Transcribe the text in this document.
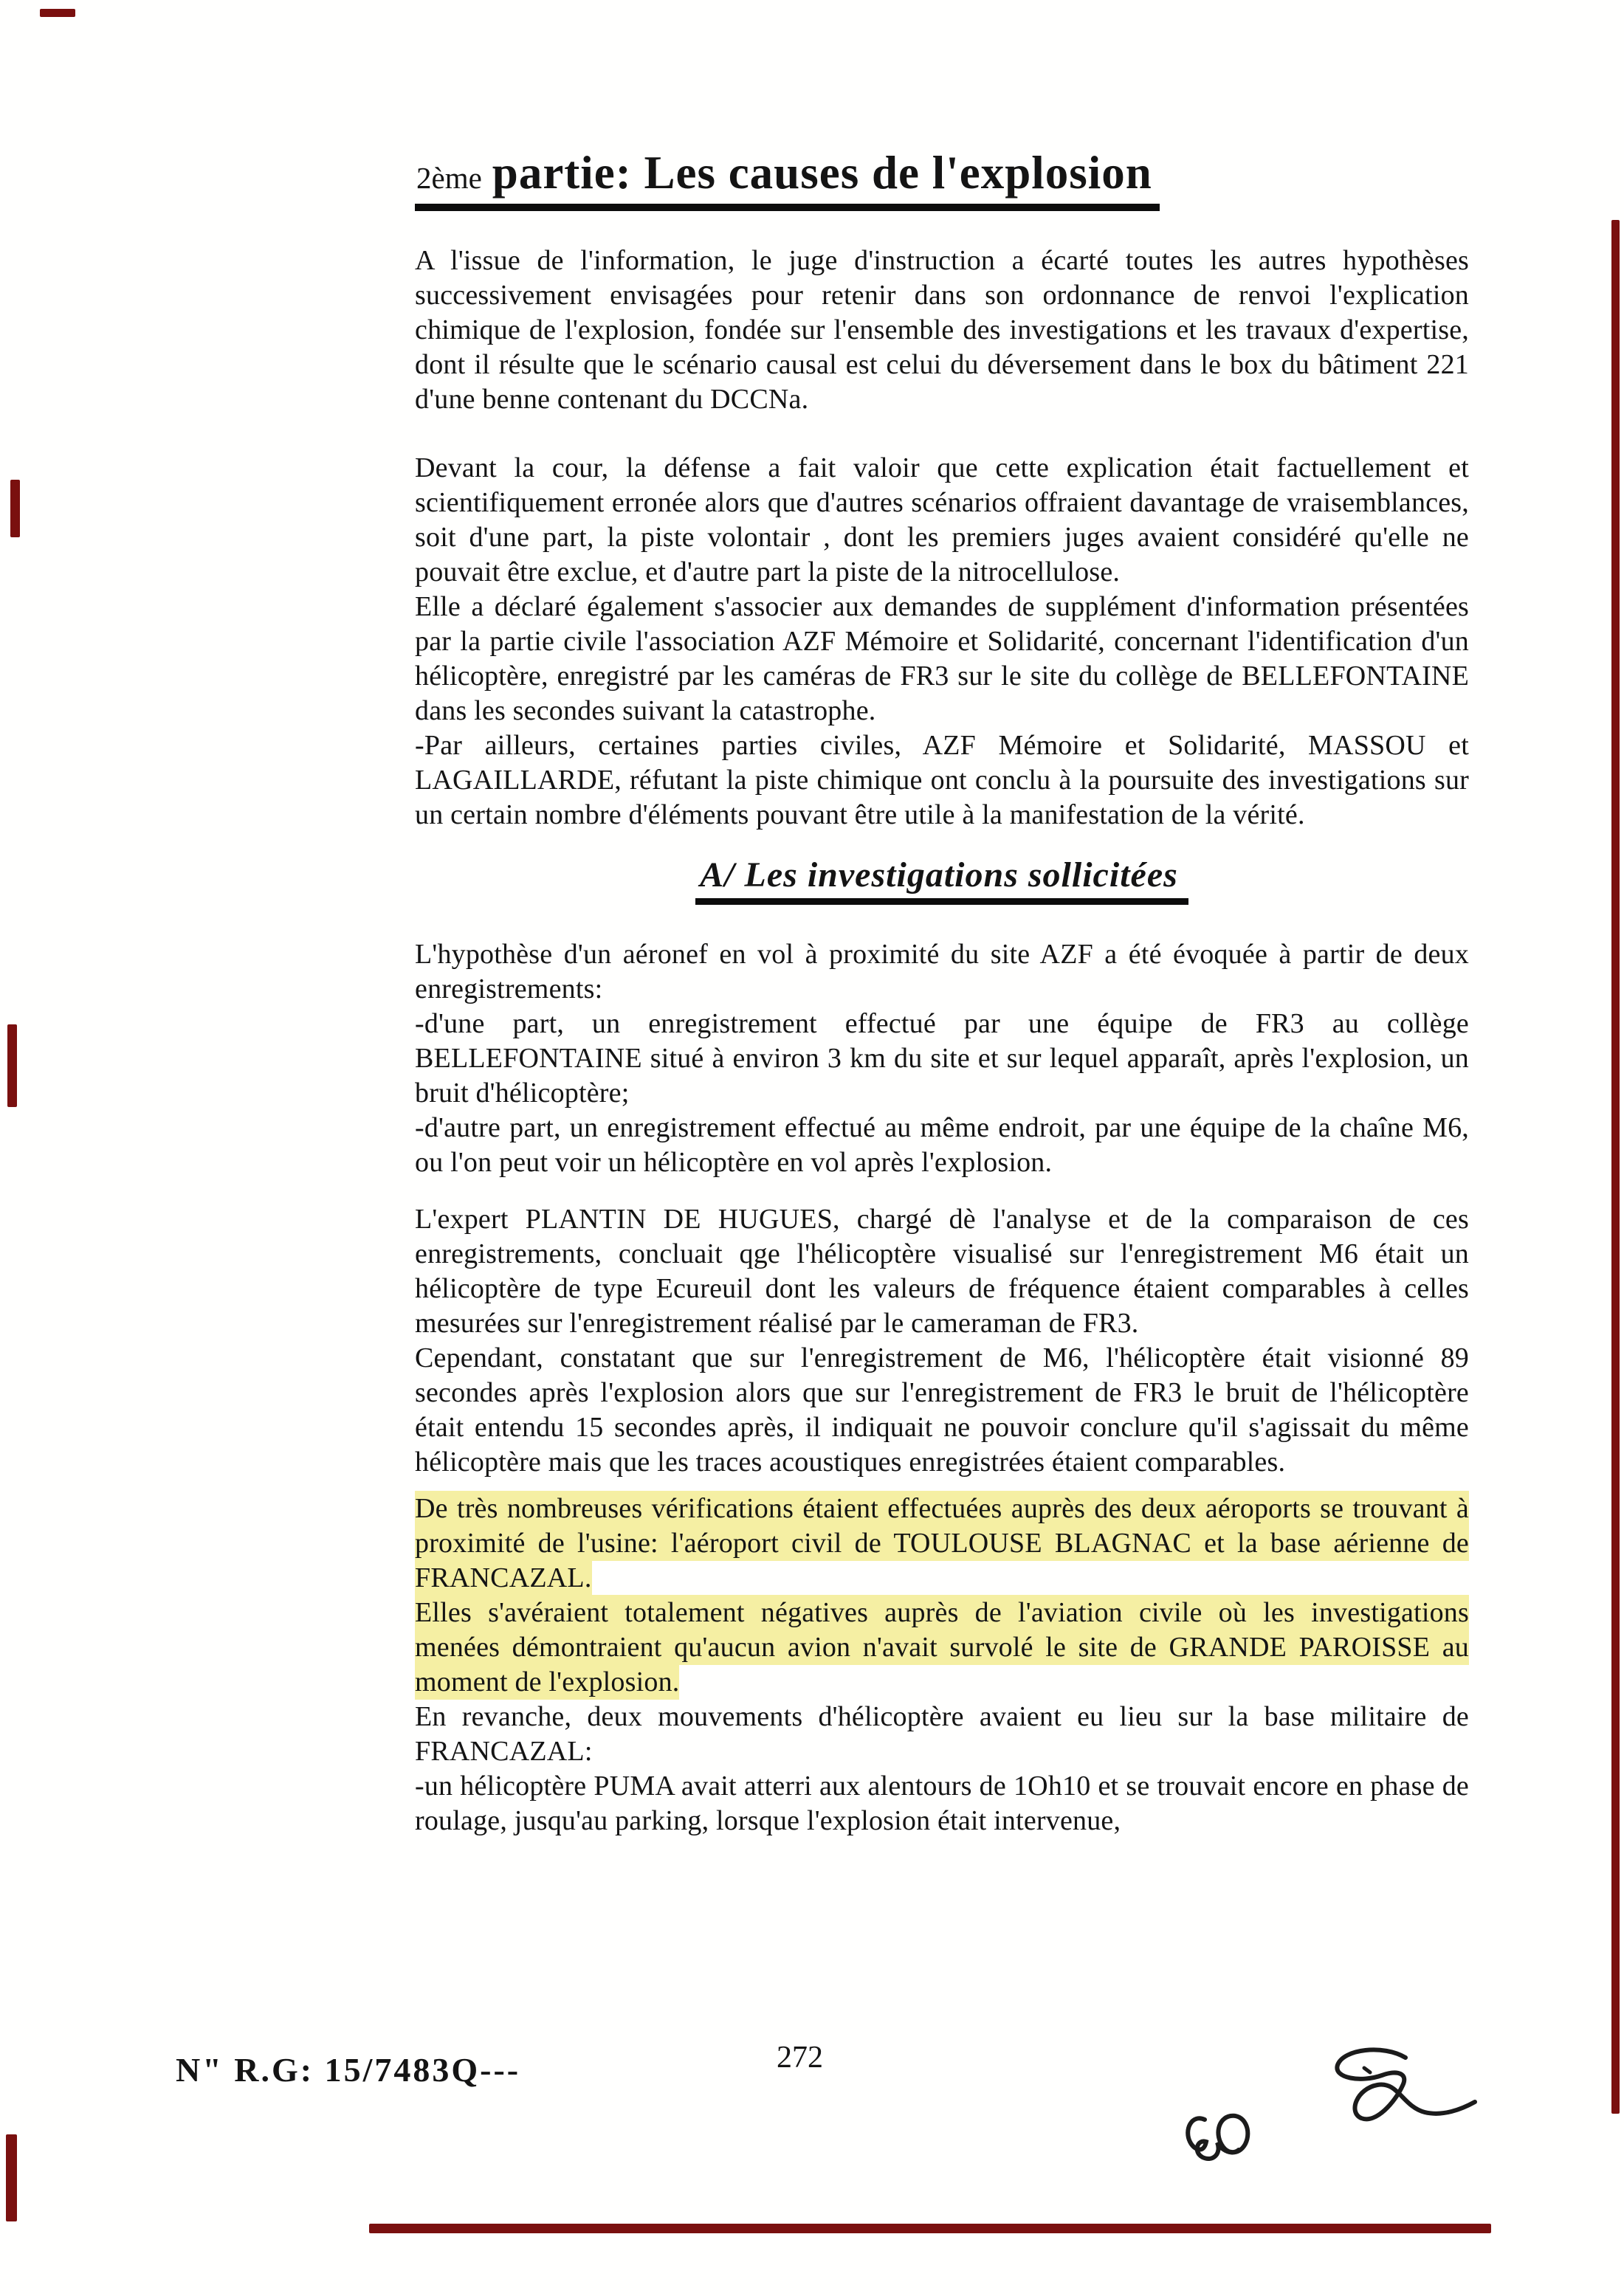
2ème partie: Les causes de l'explosion

A l'issue de l'information, le juge d'instruction a écarté toutes les autres hypothèses successivement envisagées pour retenir dans son ordonnance de renvoi l'explication chimique de l'explosion, fondée sur l'ensemble des investigations et les travaux d'expertise, dont il résulte que le scénario causal est celui du déversement dans le box du bâtiment 221 d'une benne contenant du DCCNa.

Devant la cour, la défense a fait valoir que cette explication était factuellement et scientifiquement erronée alors que d'autres scénarios offraient davantage de vraisemblances, soit d'une part, la piste volontair , dont les premiers juges avaient considéré qu'elle ne pouvait être exclue, et d'autre part la piste de la nitrocellulose.

Elle a déclaré également s'associer aux demandes de supplément d'information présentées par la partie civile l'association AZF Mémoire et Solidarité, concernant l'identification d'un hélicoptère, enregistré par les caméras de FR3 sur le site du collège de BELLEFONTAINE dans les secondes suivant la catastrophe.

-Par ailleurs, certaines parties civiles, AZF Mémoire et Solidarité, MASSOU et LAGAILLARDE, réfutant la piste chimique ont conclu à la poursuite des investigations sur un certain nombre d'éléments pouvant être utile à la manifestation de la vérité.

A/ Les investigations sollicitées

L'hypothèse d'un aéronef en vol à proximité du site AZF a été évoquée à partir de deux enregistrements:

-d'une part, un enregistrement effectué par une équipe de FR3 au collège BELLEFONTAINE situé à environ 3 km du site et sur lequel apparaît, après l'explosion, un bruit d'hélicoptère;

-d'autre part, un enregistrement effectué au même endroit, par une équipe de la chaîne M6, ou l'on peut voir un hélicoptère en vol après l'explosion.

L'expert PLANTIN DE HUGUES, chargé dè l'analyse et de la comparaison de ces enregistrements, concluait qge l'hélicoptère visualisé sur l'enregistrement M6 était un hélicoptère de type Ecureuil dont les valeurs de fréquence étaient comparables à celles mesurées sur l'enregistrement réalisé par le cameraman de FR3.

Cependant, constatant que sur l'enregistrement de M6, l'hélicoptère était visionné 89 secondes après l'explosion alors que sur l'enregistrement de FR3 le bruit de l'hélicoptère était entendu 15 secondes après, il indiquait ne pouvoir conclure qu'il s'agissait du même hélicoptère mais que les traces acoustiques enregistrées étaient comparables.

De très nombreuses vérifications étaient effectuées auprès des deux aéroports se trouvant à proximité de l'usine: l'aéroport civil de TOULOUSE BLAGNAC et la base aérienne de FRANCAZAL.

Elles s'avéraient totalement négatives auprès de l'aviation civile où les investigations menées démontraient qu'aucun avion n'avait survolé le site de GRANDE PAROISSE au moment de l'explosion.

En revanche, deux mouvements d'hélicoptère avaient eu lieu sur la base militaire de FRANCAZAL:

-un hélicoptère PUMA avait atterri aux alentours de 1Oh10 et se trouvait encore en phase de roulage, jusqu'au parking, lorsque l'explosion était intervenue,

N" R.G: 15/7483Q---	272
